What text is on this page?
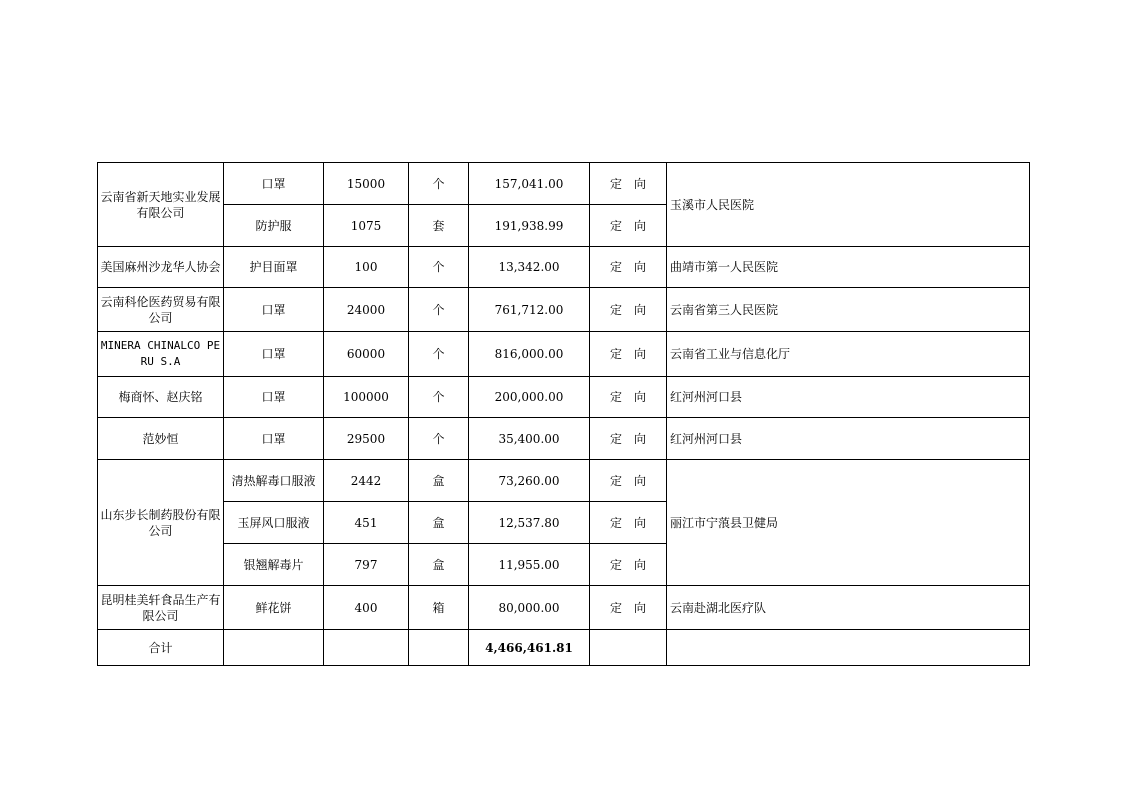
云南省新天地实业发展有限公司	口罩	15000	个	157,041.00	定　向	玉溪市人民医院
	防护服	1075	套	191,938.99	定　向	
美国麻州沙龙华人协会	护目面罩	100	个	13,342.00	定　向	曲靖市第一人民医院
云南科伦医药贸易有限公司	口罩	24000	个	761,712.00	定　向	云南省第三人民医院
MINERA CHINALCO PERU S.A	口罩	60000	个	816,000.00	定　向	云南省工业与信息化厅
梅商怀、赵庆铭	口罩	100000	个	200,000.00	定　向	红河州河口县
范妙恒	口罩	29500	个	35,400.00	定　向	红河州河口县
山东步长制药股份有限公司	清热解毒口服液	2442	盒	73,260.00	定　向	丽江市宁蒗县卫健局
	玉屏风口服液	451	盒	12,537.80	定　向	
	银翘解毒片	797	盒	11,955.00	定　向	
昆明桂美轩食品生产有限公司	鲜花饼	400	箱	80,000.00	定　向	云南赴湖北医疗队
合计				4,466,461.81		
